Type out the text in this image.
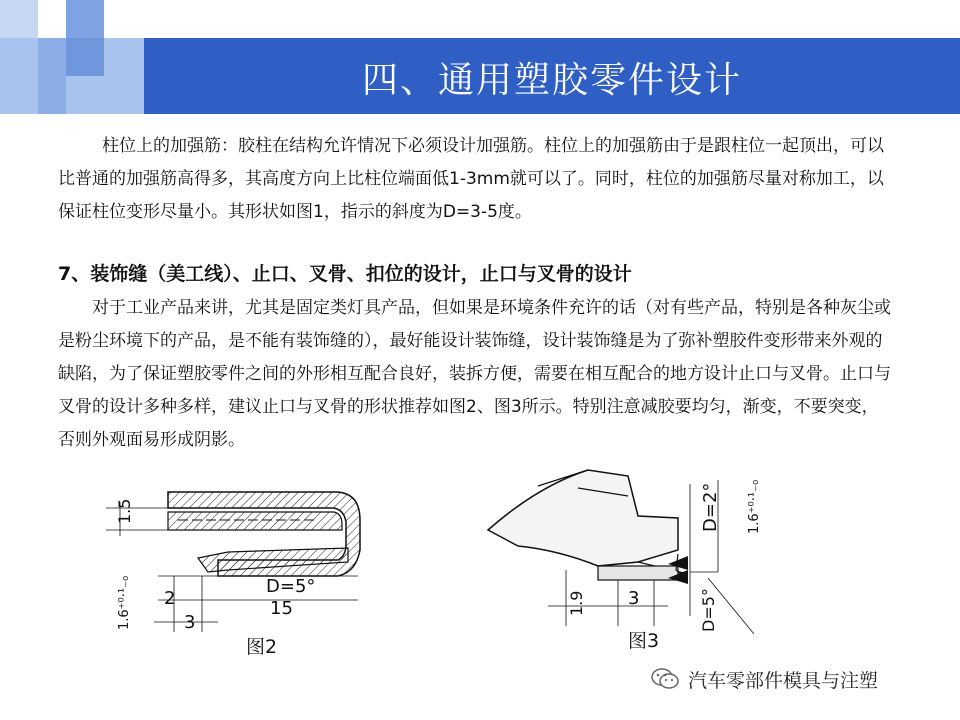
四、通用塑胶零件设计

柱位上的加强筋：胶柱在结构允许情况下必须设计加强筋。柱位上的加强筋由于是跟柱位一起顶出，可以比普通的加强筋高得多，其高度方向上比柱位端面低1-3mm就可以了。同时，柱位的加强筋尽量对称加工，以保证柱位变形尽量小。其形状如图1，指示的斜度为D=3-5度。

7、装饰缝（美工线）、止口、叉骨、扣位的设计，止口与叉骨的设计

对于工业产品来讲，尤其是固定类灯具产品，但如果是环境条件充许的话（对有些产品，特别是各种灰尘或是粉尘环境下的产品，是不能有装饰缝的），最好能设计装饰缝，设计装饰缝是为了弥补塑胶件变形带来外观的缺陷，为了保证塑胶零件之间的外形相互配合良好，装拆方便，需要在相互配合的地方设计止口与叉骨。止口与叉骨的设计多种多样，建议止口与叉骨的形状推荐如图2、图3所示。特别注意减胶要均匀，渐变，不要突变，否则外观面易形成阴影。

1.5
D=5°
2	15
3
1.6⁺⁰·¹₋₀
图2
D=2° 1.6⁺⁰·¹₋₀
1.9 3	D=5°
图3
汽车零部件模具与注塑
